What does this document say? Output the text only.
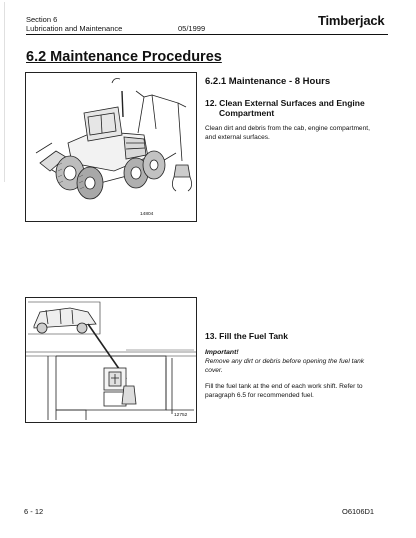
Section 6
Lubrication and Maintenance	05/1999
Timberjack
6.2 Maintenance Procedures
14804
6.2.1 Maintenance - 8 Hours
12. Clean External Surfaces and Engine
Compartment
Clean dirt and debris from the cab, engine compartment,
and external surfaces.
12752
13. Fill the Fuel Tank
Important!
Remove any dirt or debris before opening the fuel tank
cover.
Fill the fuel tank at the end of each work shift. Refer to
paragraph 6.5 for recommended fuel.
6 - 12	O6106D1
